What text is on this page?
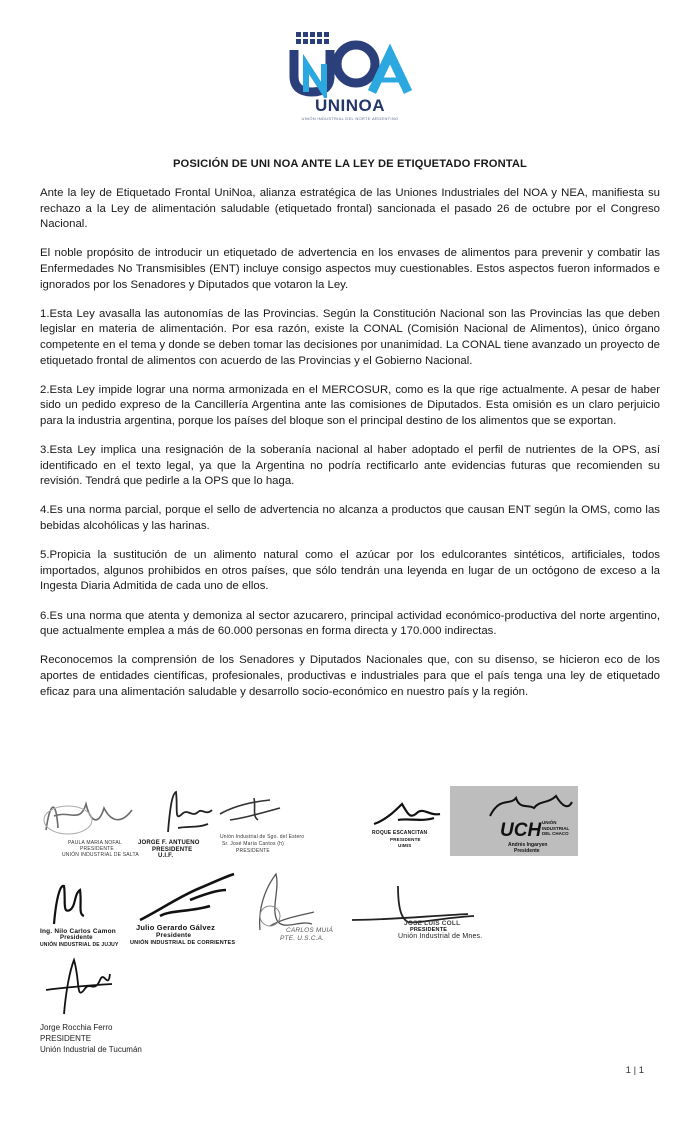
UNINOA
UNIÓN INDUSTRIAL DEL NORTE ARGENTINO
POSICIÓN DE UNI NOA ANTE LA LEY DE ETIQUETADO FRONTAL

Ante la ley de Etiquetado Frontal UniNoa, alianza estratégica de las Uniones Industriales del NOA y NEA, manifiesta su rechazo a la Ley de alimentación saludable (etiquetado frontal) sancionada el pasado 26 de octubre por el Congreso Nacional.

El noble propósito de introducir un etiquetado de advertencia en los envases de alimentos para prevenir y combatir las Enfermedades No Transmisibles (ENT) incluye consigo aspectos muy cuestionables. Estos aspectos fueron informados e ignorados por los Senadores y Diputados que votaron la Ley.

1.Esta Ley avasalla las autonomías de las Provincias. Según la Constitución Nacional son las Provincias las que deben legislar en materia de alimentación. Por esa razón, existe la CONAL (Comisión Nacional de Alimentos), único órgano competente en el tema y donde se deben tomar las decisiones por unanimidad. La CONAL tiene avanzado un proyecto de etiquetado frontal de alimentos con acuerdo de las Provincias y el Gobierno Nacional.

2.Esta Ley impide lograr una norma armonizada en el MERCOSUR, como es la que rige actualmente. A pesar de haber sido un pedido expreso de la Cancillería Argentina ante las comisiones de Diputados. Esta omisión es un claro perjuicio para la industria argentina, porque los países del bloque son el principal destino de los alimentos que se exportan.

3.Esta Ley implica una resignación de la soberanía nacional al haber adoptado el perfil de nutrientes de la OPS, así identificado en el texto legal, ya que la Argentina no podría rectificarlo ante evidencias futuras que recomienden su revisión. Tendrá que pedirle a la OPS que lo haga.

4.Es una norma parcial, porque el sello de advertencia no alcanza a productos que causan ENT según la OMS, como las bebidas alcohólicas y las harinas.

5.Propicia la sustitución de un alimento natural como el azúcar por los edulcorantes sintéticos, artificiales, todos importados, algunos prohibidos en otros países, que sólo tendrán una leyenda en lugar de un octógono de exceso a la Ingesta Diaria Admitida de cada uno de ellos.

6.Es una norma que atenta y demoniza al sector azucarero, principal actividad económico-productiva del norte argentino, que actualmente emplea a más de 60.000 personas en forma directa y 170.000 indirectas.

Reconocemos la comprensión de los Senadores y Diputados Nacionales que, con su disenso, se hicieron eco de los aportes de entidades científicas, profesionales, productivas e industriales para que el país tenga una ley de etiquetado eficaz para una alimentación saludable y desarrollo socio-económico en nuestro país y la región.

PAULA MARIA NOFAL
PRESIDENTE
UNIÓN INDUSTRIAL DE SALTA
JORGE F. ANTUENO
PRESIDENTE
U.I.F.
Unión Industrial de Sgo. del Estero
Sr. José María Cantos (h)
PRESIDENTE
ROQUE ESCANCITAN
PRESIDENTE
UIMIS
UCH UNIÓN INDUSTRIAL DEL CHACO
Andrés Ingaryen
Presidente
Ing. Nilo Carlos Camon
Presidente
UNIÓN INDUSTRIAL DE JUJUY
Julio Gerardo Gálvez
Presidente
UNIÓN INDUSTRIAL DE CORRIENTES
CARLOS MUIÁ
PTE. U.S.C.A.
JOSE LUIS COLL
PRESIDENTE
Unión Industrial de Mnes.
Jorge Rocchia Ferro
PRESIDENTE
Unión Industrial de Tucumán
1 | 1
